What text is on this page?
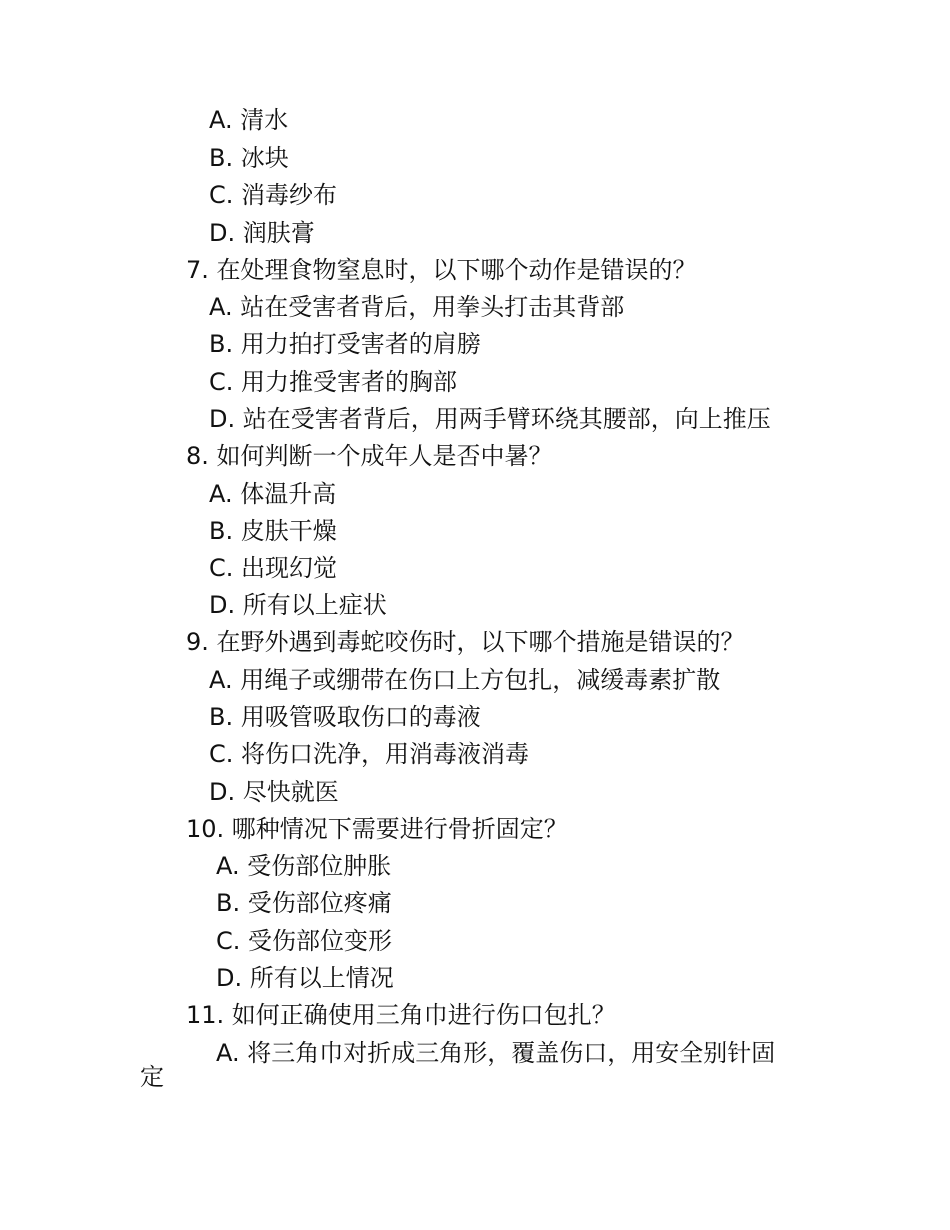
A. 清水
B. 冰块
C. 消毒纱布
D. 润肤膏
7. 在处理食物窒息时，以下哪个动作是错误的？
A. 站在受害者背后，用拳头打击其背部
B. 用力拍打受害者的肩膀
C. 用力推受害者的胸部
D. 站在受害者背后，用两手臂环绕其腰部，向上推压
8. 如何判断一个成年人是否中暑？
A. 体温升高
B. 皮肤干燥
C. 出现幻觉
D. 所有以上症状
9. 在野外遇到毒蛇咬伤时，以下哪个措施是错误的？
A. 用绳子或绷带在伤口上方包扎，减缓毒素扩散
B. 用吸管吸取伤口的毒液
C. 将伤口洗净，用消毒液消毒
D. 尽快就医
10. 哪种情况下需要进行骨折固定？
A. 受伤部位肿胀
B. 受伤部位疼痛
C. 受伤部位变形
D. 所有以上情况
11. 如何正确使用三角巾进行伤口包扎？
A. 将三角巾对折成三角形，覆盖伤口，用安全别针固
定
